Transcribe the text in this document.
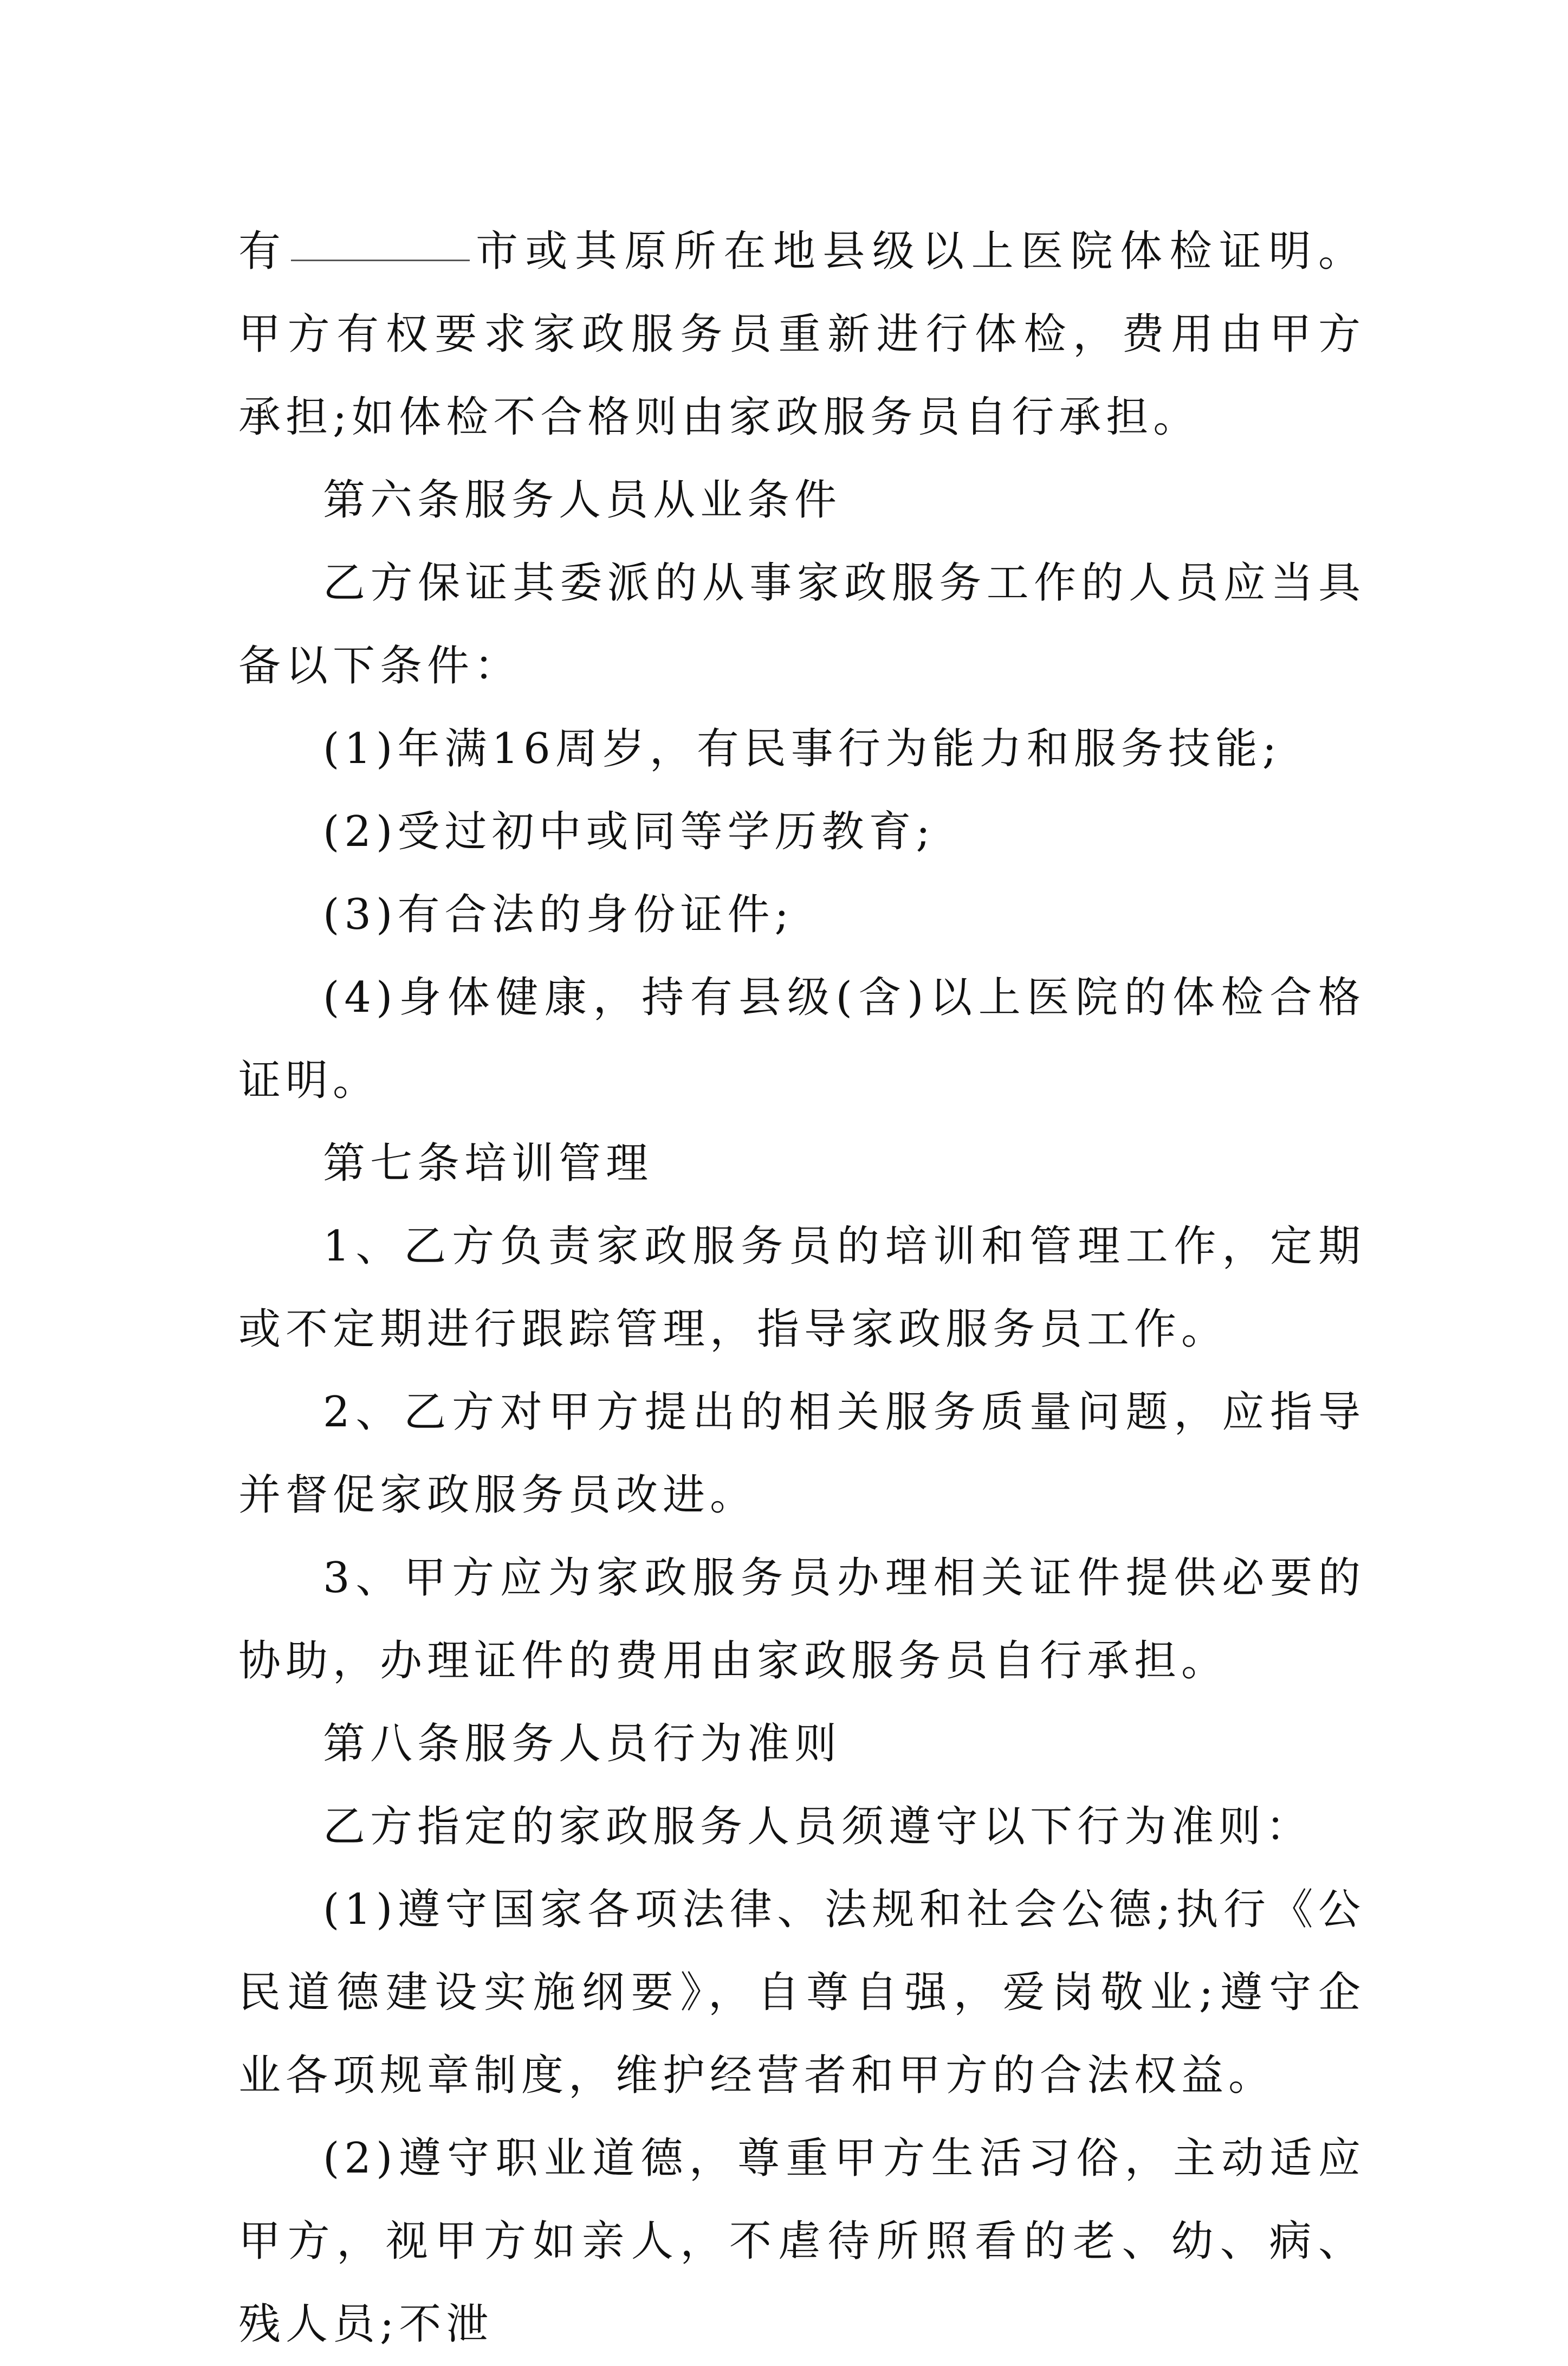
有	市或其原所在地县级以上医院体检证明。甲方有权要求家政服务员重新进行体检，费用由甲方承担;如体检不合格则由家政服务员自行承担。

第六条服务人员从业条件

乙方保证其委派的从事家政服务工作的人员应当具备以下条件：

(1)年满16周岁，有民事行为能力和服务技能;

(2)受过初中或同等学历教育;

(3)有合法的身份证件;

(4)身体健康，持有县级(含)以上医院的体检合格证明。

第七条培训管理

1、乙方负责家政服务员的培训和管理工作，定期或不定期进行跟踪管理，指导家政服务员工作。

2、乙方对甲方提出的相关服务质量问题，应指导并督促家政服务员改进。

3、甲方应为家政服务员办理相关证件提供必要的协助，办理证件的费用由家政服务员自行承担。

第八条服务人员行为准则

乙方指定的家政服务人员须遵守以下行为准则：

(1)遵守国家各项法律、法规和社会公德;执行《公民道德建设实施纲要》，自尊自强，爱岗敬业;遵守企业各项规章制度，维护经营者和甲方的合法权益。

(2)遵守职业道德，尊重甲方生活习俗，主动适应甲方，视甲方如亲人，不虐待所照看的老、幼、病、残人员;不泄
